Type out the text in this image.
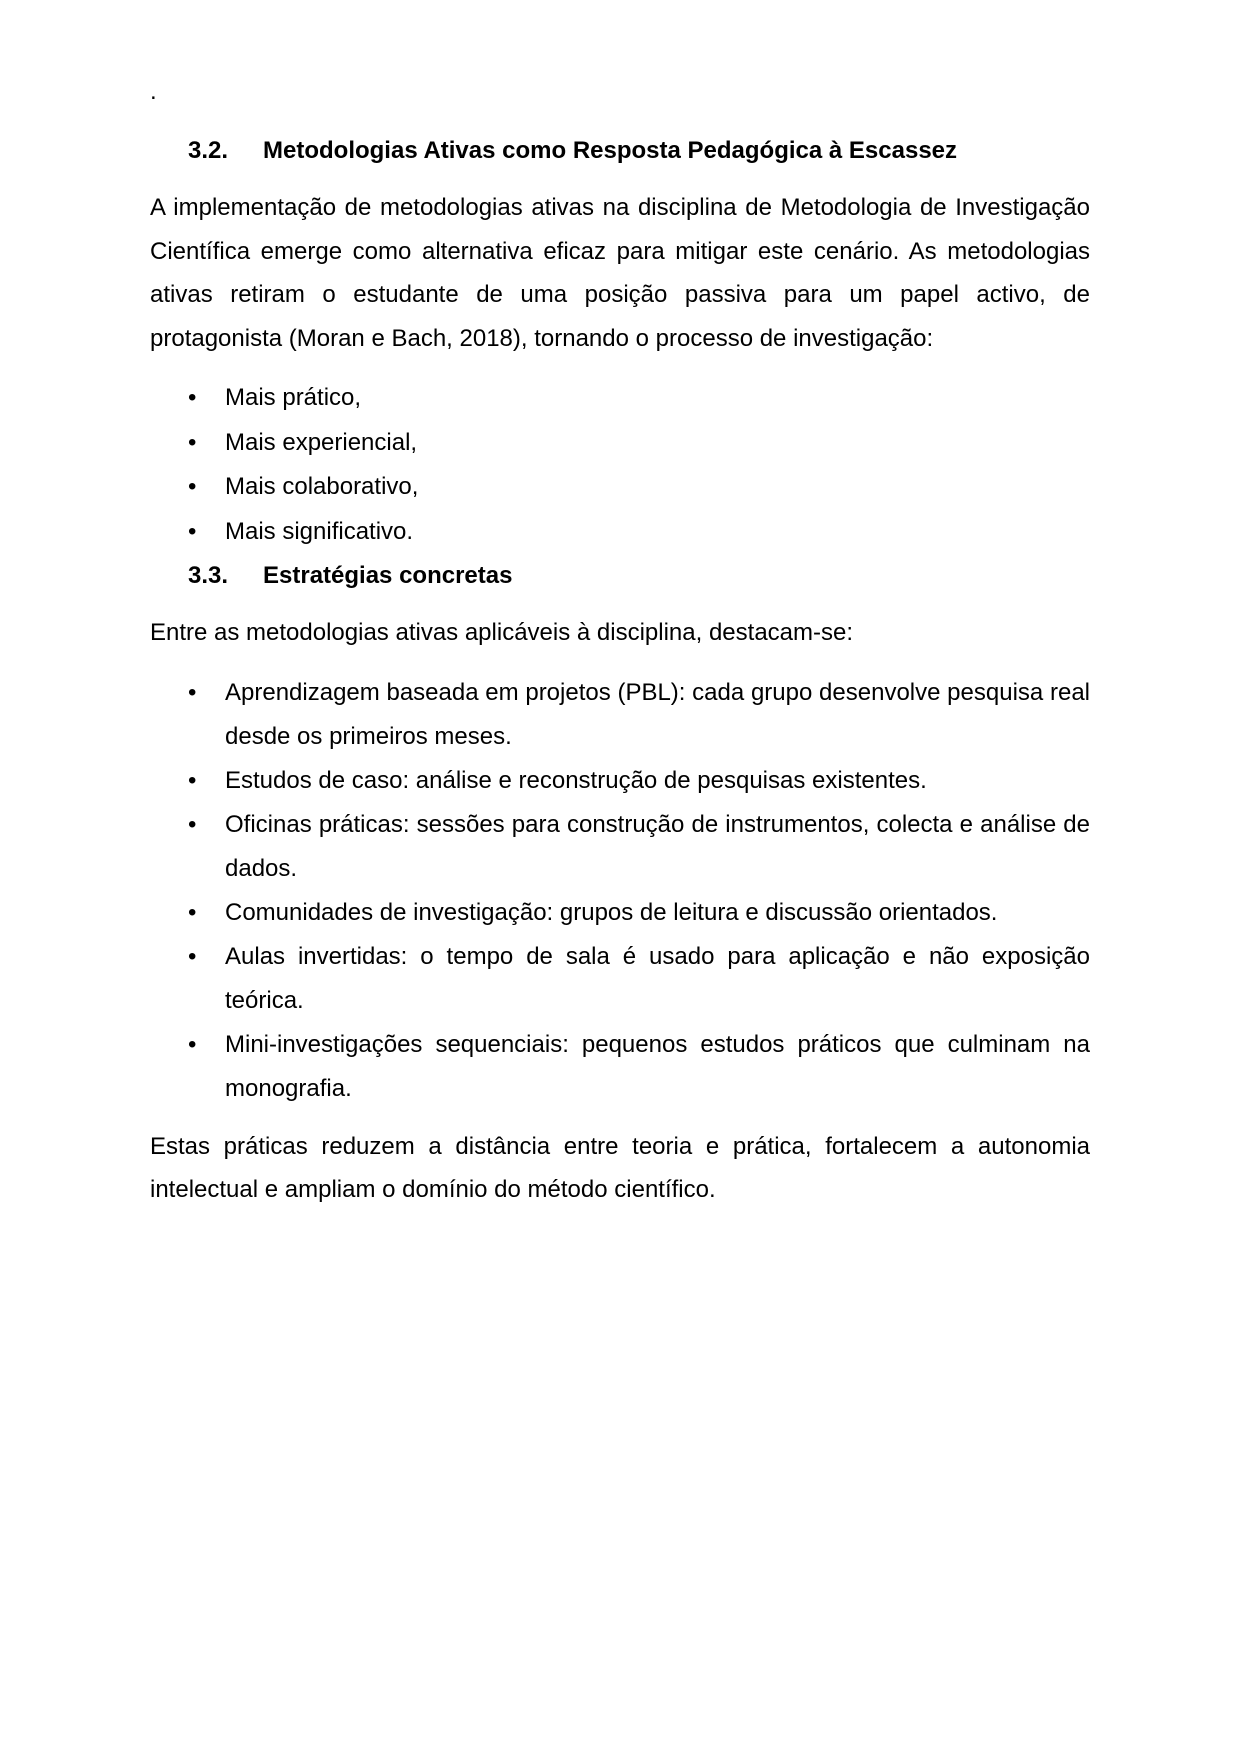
.
3.2.	Metodologias Ativas como Resposta Pedagógica à Escassez

A implementação de metodologias ativas na disciplina de Metodologia de Investigação Científica emerge como alternativa eficaz para mitigar este cenário. As metodologias ativas retiram o estudante de uma posição passiva para um papel activo, de protagonista (Moran e Bach, 2018), tornando o processo de investigação:

•	Mais prático,
•	Mais experiencial,
•	Mais colaborativo,
•	Mais significativo.
3.3.	Estratégias concretas

Entre as metodologias ativas aplicáveis à disciplina, destacam-se:

•	Aprendizagem baseada em projetos (PBL): cada grupo desenvolve pesquisa real desde os primeiros meses.
•	Estudos de caso: análise e reconstrução de pesquisas existentes.
•	Oficinas práticas: sessões para construção de instrumentos, colecta e análise de dados.
•	Comunidades de investigação: grupos de leitura e discussão orientados.
•	Aulas invertidas: o tempo de sala é usado para aplicação e não exposição teórica.
•	Mini-investigações sequenciais: pequenos estudos práticos que culminam na monografia.

Estas práticas reduzem a distância entre teoria e prática, fortalecem a autonomia intelectual e ampliam o domínio do método científico.
